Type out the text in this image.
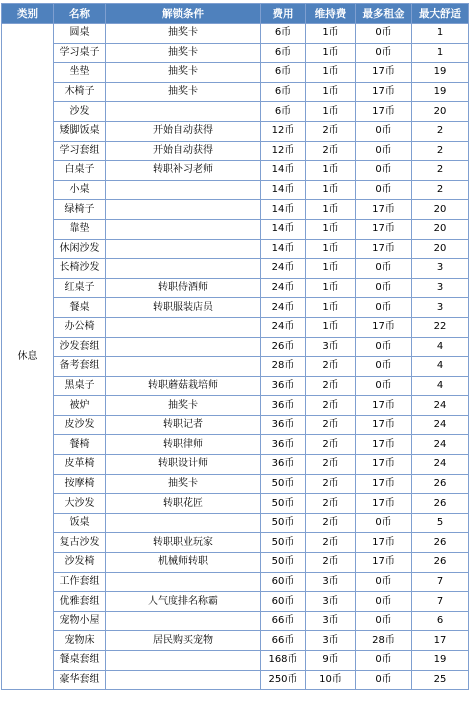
类别	名称	解锁条件	费用	维持费	最多租金	最大舒适
休息	圆桌	抽奖卡	6币	1币	0币	1
	学习桌子	抽奖卡	6币	1币	0币	1
	坐垫	抽奖卡	6币	1币	17币	19
	木椅子	抽奖卡	6币	1币	17币	19
	沙发		6币	1币	17币	20
	矮脚饭桌	开始自动获得	12币	2币	0币	2
	学习套组	开始自动获得	12币	2币	0币	2
	白桌子	转职补习老师	14币	1币	0币	2
	小桌		14币	1币	0币	2
	绿椅子		14币	1币	17币	20
	靠垫		14币	1币	17币	20
	休闲沙发		14币	1币	17币	20
	长椅沙发		24币	1币	0币	3
	红桌子	转职侍酒师	24币	1币	0币	3
	餐桌	转职服装店员	24币	1币	0币	3
	办公椅		24币	1币	17币	22
	沙发套组		26币	3币	0币	4
	备考套组		28币	2币	0币	4
	黑桌子	转职蘑菇栽培师	36币	2币	0币	4
	被炉	抽奖卡	36币	2币	17币	24
	皮沙发	转职记者	36币	2币	17币	24
	餐椅	转职律师	36币	2币	17币	24
	皮革椅	转职设计师	36币	2币	17币	24
	按摩椅	抽奖卡	50币	2币	17币	26
	大沙发	转职花匠	50币	2币	17币	26
	饭桌		50币	2币	0币	5
	复古沙发	转职职业玩家	50币	2币	17币	26
	沙发椅	机械师转职	50币	2币	17币	26
	工作套组		60币	3币	0币	7
	优雅套组	人气度排名称霸	60币	3币	0币	7
	宠物小屋		66币	3币	0币	6
	宠物床	居民购买宠物	66币	3币	28币	17
	餐桌套组		168币	9币	0币	19
	豪华套组		250币	10币	0币	25
